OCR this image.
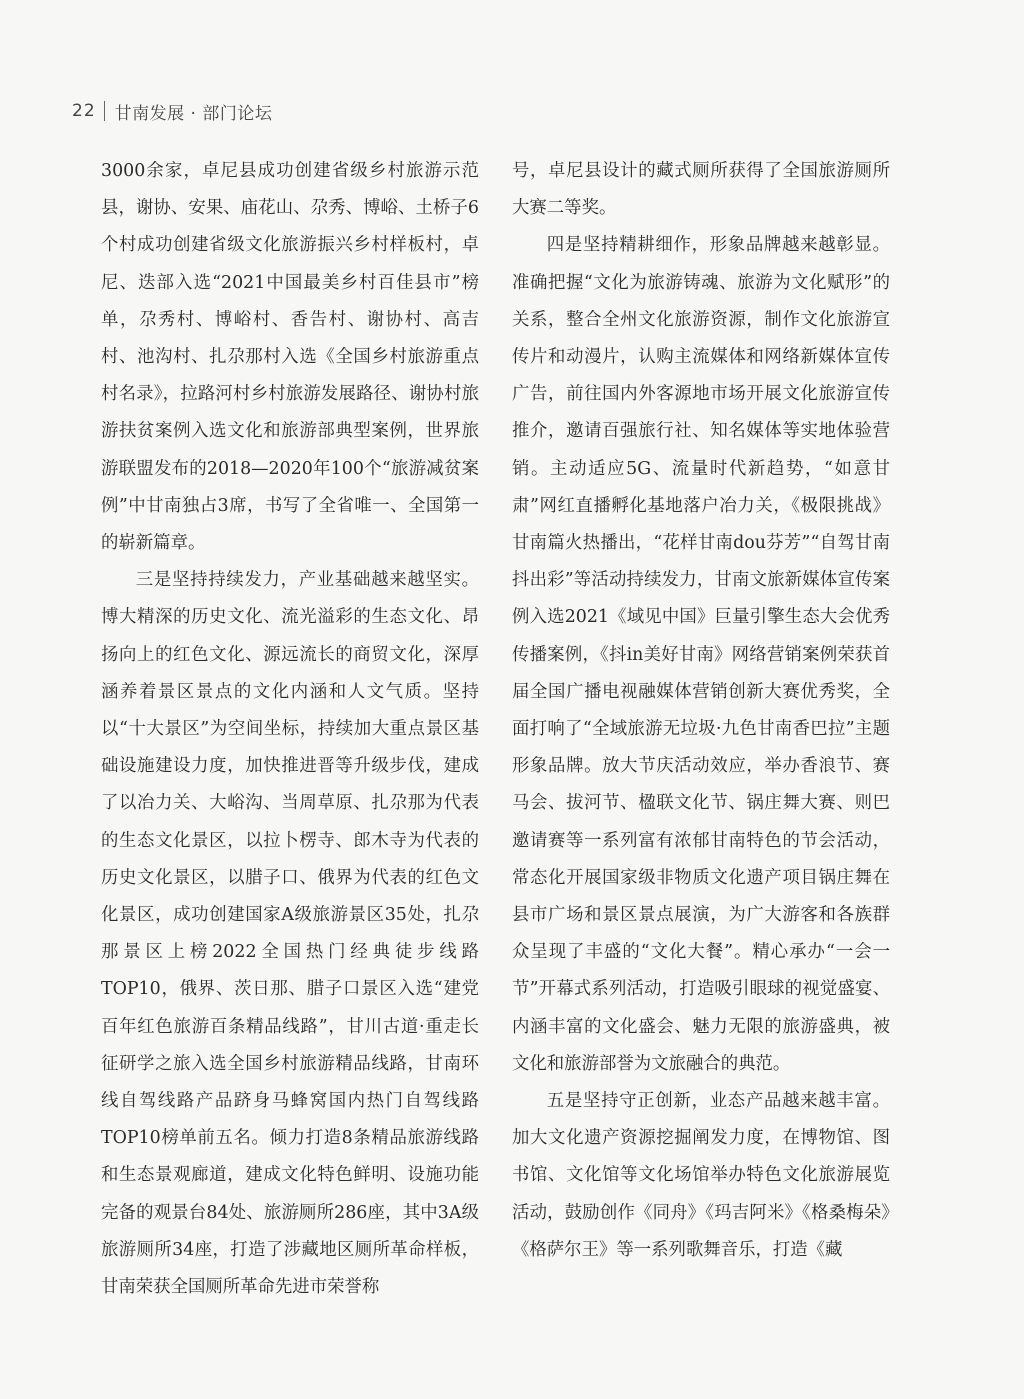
22 甘南发展 · 部门论坛

3000余家，卓尼县成功创建省级乡村旅游示范县，谢协、安果、庙花山、尕秀、博峪、土桥子6个村成功创建省级文化旅游振兴乡村样板村，卓尼、迭部入选“2021中国最美乡村百佳县市”榜单，尕秀村、博峪村、香告村、谢协村、高吉村、池沟村、扎尕那村入选《全国乡村旅游重点村名录》，拉路河村乡村旅游发展路径、谢协村旅游扶贫案例入选文化和旅游部典型案例，世界旅游联盟发布的2018—2020年100个“旅游减贫案例”中甘南独占3席，书写了全省唯一、全国第一的崭新篇章。

三是坚持持续发力，产业基础越来越坚实。博大精深的历史文化、流光溢彩的生态文化、昂扬向上的红色文化、源远流长的商贸文化，深厚涵养着景区景点的文化内涵和人文气质。坚持以“十大景区”为空间坐标，持续加大重点景区基础设施建设力度，加快推进晋等升级步伐，建成了以冶力关、大峪沟、当周草原、扎尕那为代表的生态文化景区，以拉卜楞寺、郎木寺为代表的历史文化景区，以腊子口、俄界为代表的红色文化景区，成功创建国家A级旅游景区35处，扎尕那景区上榜2022全国热门经典徒步线路TOP10，俄界、茨日那、腊子口景区入选“建党百年红色旅游百条精品线路”，甘川古道·重走长征研学之旅入选全国乡村旅游精品线路，甘南环线自驾线路产品跻身马蜂窝国内热门自驾线路TOP10榜单前五名。倾力打造8条精品旅游线路和生态景观廊道，建成文化特色鲜明、设施功能完备的观景台84处、旅游厕所286座，其中3A级旅游厕所34座，打造了涉藏地区厕所革命样板，甘南荣获全国厕所革命先进市荣誉称

号，卓尼县设计的藏式厕所获得了全国旅游厕所大赛二等奖。

四是坚持精耕细作，形象品牌越来越彰显。准确把握“文化为旅游铸魂、旅游为文化赋形”的关系，整合全州文化旅游资源，制作文化旅游宣传片和动漫片，认购主流媒体和网络新媒体宣传广告，前往国内外客源地市场开展文化旅游宣传推介，邀请百强旅行社、知名媒体等实地体验营销。主动适应5G、流量时代新趋势，“如意甘肃”网红直播孵化基地落户冶力关，《极限挑战》甘南篇火热播出，“花样甘南dou芬芳”“自驾甘南抖出彩”等活动持续发力，甘南文旅新媒体宣传案例入选2021《域见中国》巨量引擎生态大会优秀传播案例，《抖in美好甘南》网络营销案例荣获首届全国广播电视融媒体营销创新大赛优秀奖，全面打响了“全域旅游无垃圾·九色甘南香巴拉”主题形象品牌。放大节庆活动效应，举办香浪节、赛马会、拔河节、楹联文化节、锅庄舞大赛、则巴邀请赛等一系列富有浓郁甘南特色的节会活动，常态化开展国家级非物质文化遗产项目锅庄舞在县市广场和景区景点展演，为广大游客和各族群众呈现了丰盛的“文化大餐”。精心承办“一会一节”开幕式系列活动，打造吸引眼球的视觉盛宴、内涵丰富的文化盛会、魅力无限的旅游盛典，被文化和旅游部誉为文旅融合的典范。

五是坚持守正创新，业态产品越来越丰富。加大文化遗产资源挖掘阐发力度，在博物馆、图书馆、文化馆等文化场馆举办特色文化旅游展览活动，鼓励创作《同舟》《玛吉阿米》《格桑梅朵》《格萨尔王》等一系列歌舞音乐，打造《藏
